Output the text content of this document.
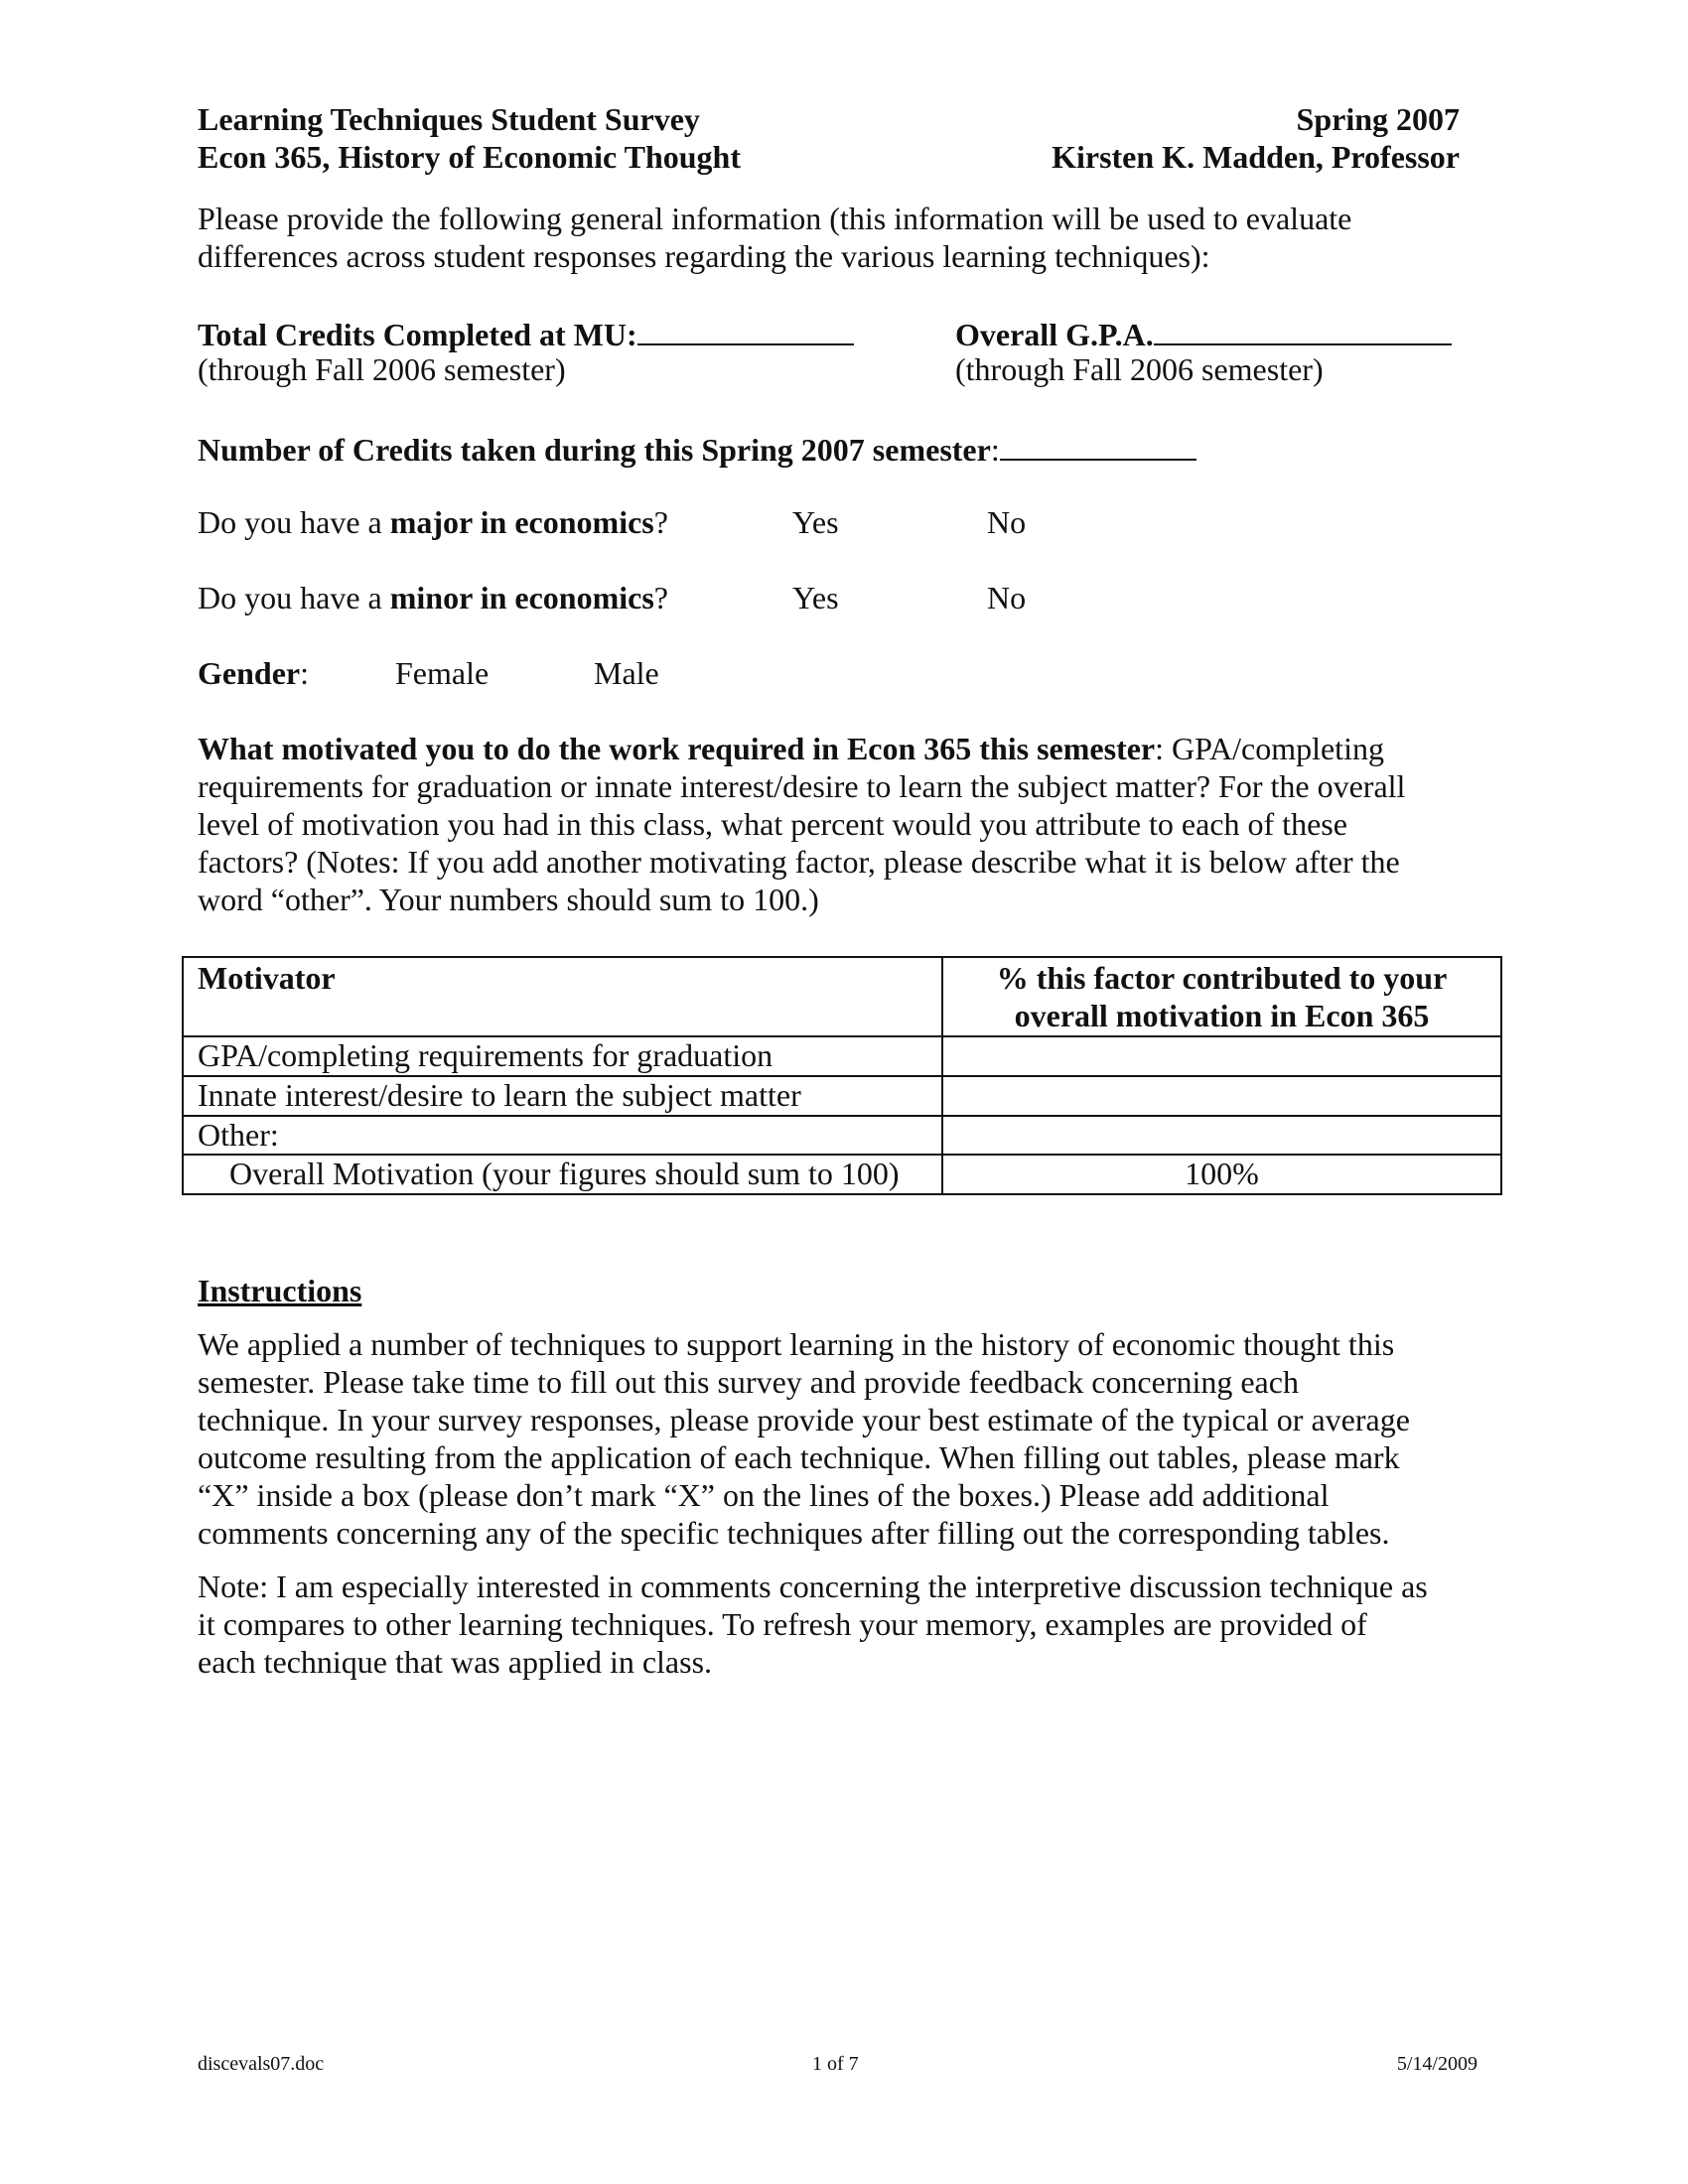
Learning Techniques Student Survey
Econ 365, History of Economic Thought
Spring 2007
Kirsten K. Madden, Professor
Please provide the following general information (this information will be used to evaluate
differences across student responses regarding the various learning techniques):
Total Credits Completed at MU:
(through Fall 2006 semester)
Overall G.P.A.
(through Fall 2006 semester)
Number of Credits taken during this Spring 2007 semester:
Do you have a major in economics?	Yes	No
Do you have a minor in economics?	Yes	No
Gender:	Female	Male
What motivated you to do the work required in Econ 365 this semester: GPA/completing
requirements for graduation or innate interest/desire to learn the subject matter? For the overall
level of motivation you had in this class, what percent would you attribute to each of these
factors? (Notes: If you add another motivating factor, please describe what it is below after the
word “other”. Your numbers should sum to 100.)
Motivator	% this factor contributed to your
overall motivation in Econ 365

GPA/completing requirements for graduation	
Innate interest/desire to learn the subject matter	
Other:	
Overall Motivation (your figures should sum to 100)	100%
Instructions
We applied a number of techniques to support learning in the history of economic thought this
semester. Please take time to fill out this survey and provide feedback concerning each
technique. In your survey responses, please provide your best estimate of the typical or average
outcome resulting from the application of each technique. When filling out tables, please mark
“X” inside a box (please don’t mark “X” on the lines of the boxes.) Please add additional
comments concerning any of the specific techniques after filling out the corresponding tables.
Note: I am especially interested in comments concerning the interpretive discussion technique as
it compares to other learning techniques. To refresh your memory, examples are provided of
each technique that was applied in class.
discevals07.doc	1 of 7	5/14/2009
